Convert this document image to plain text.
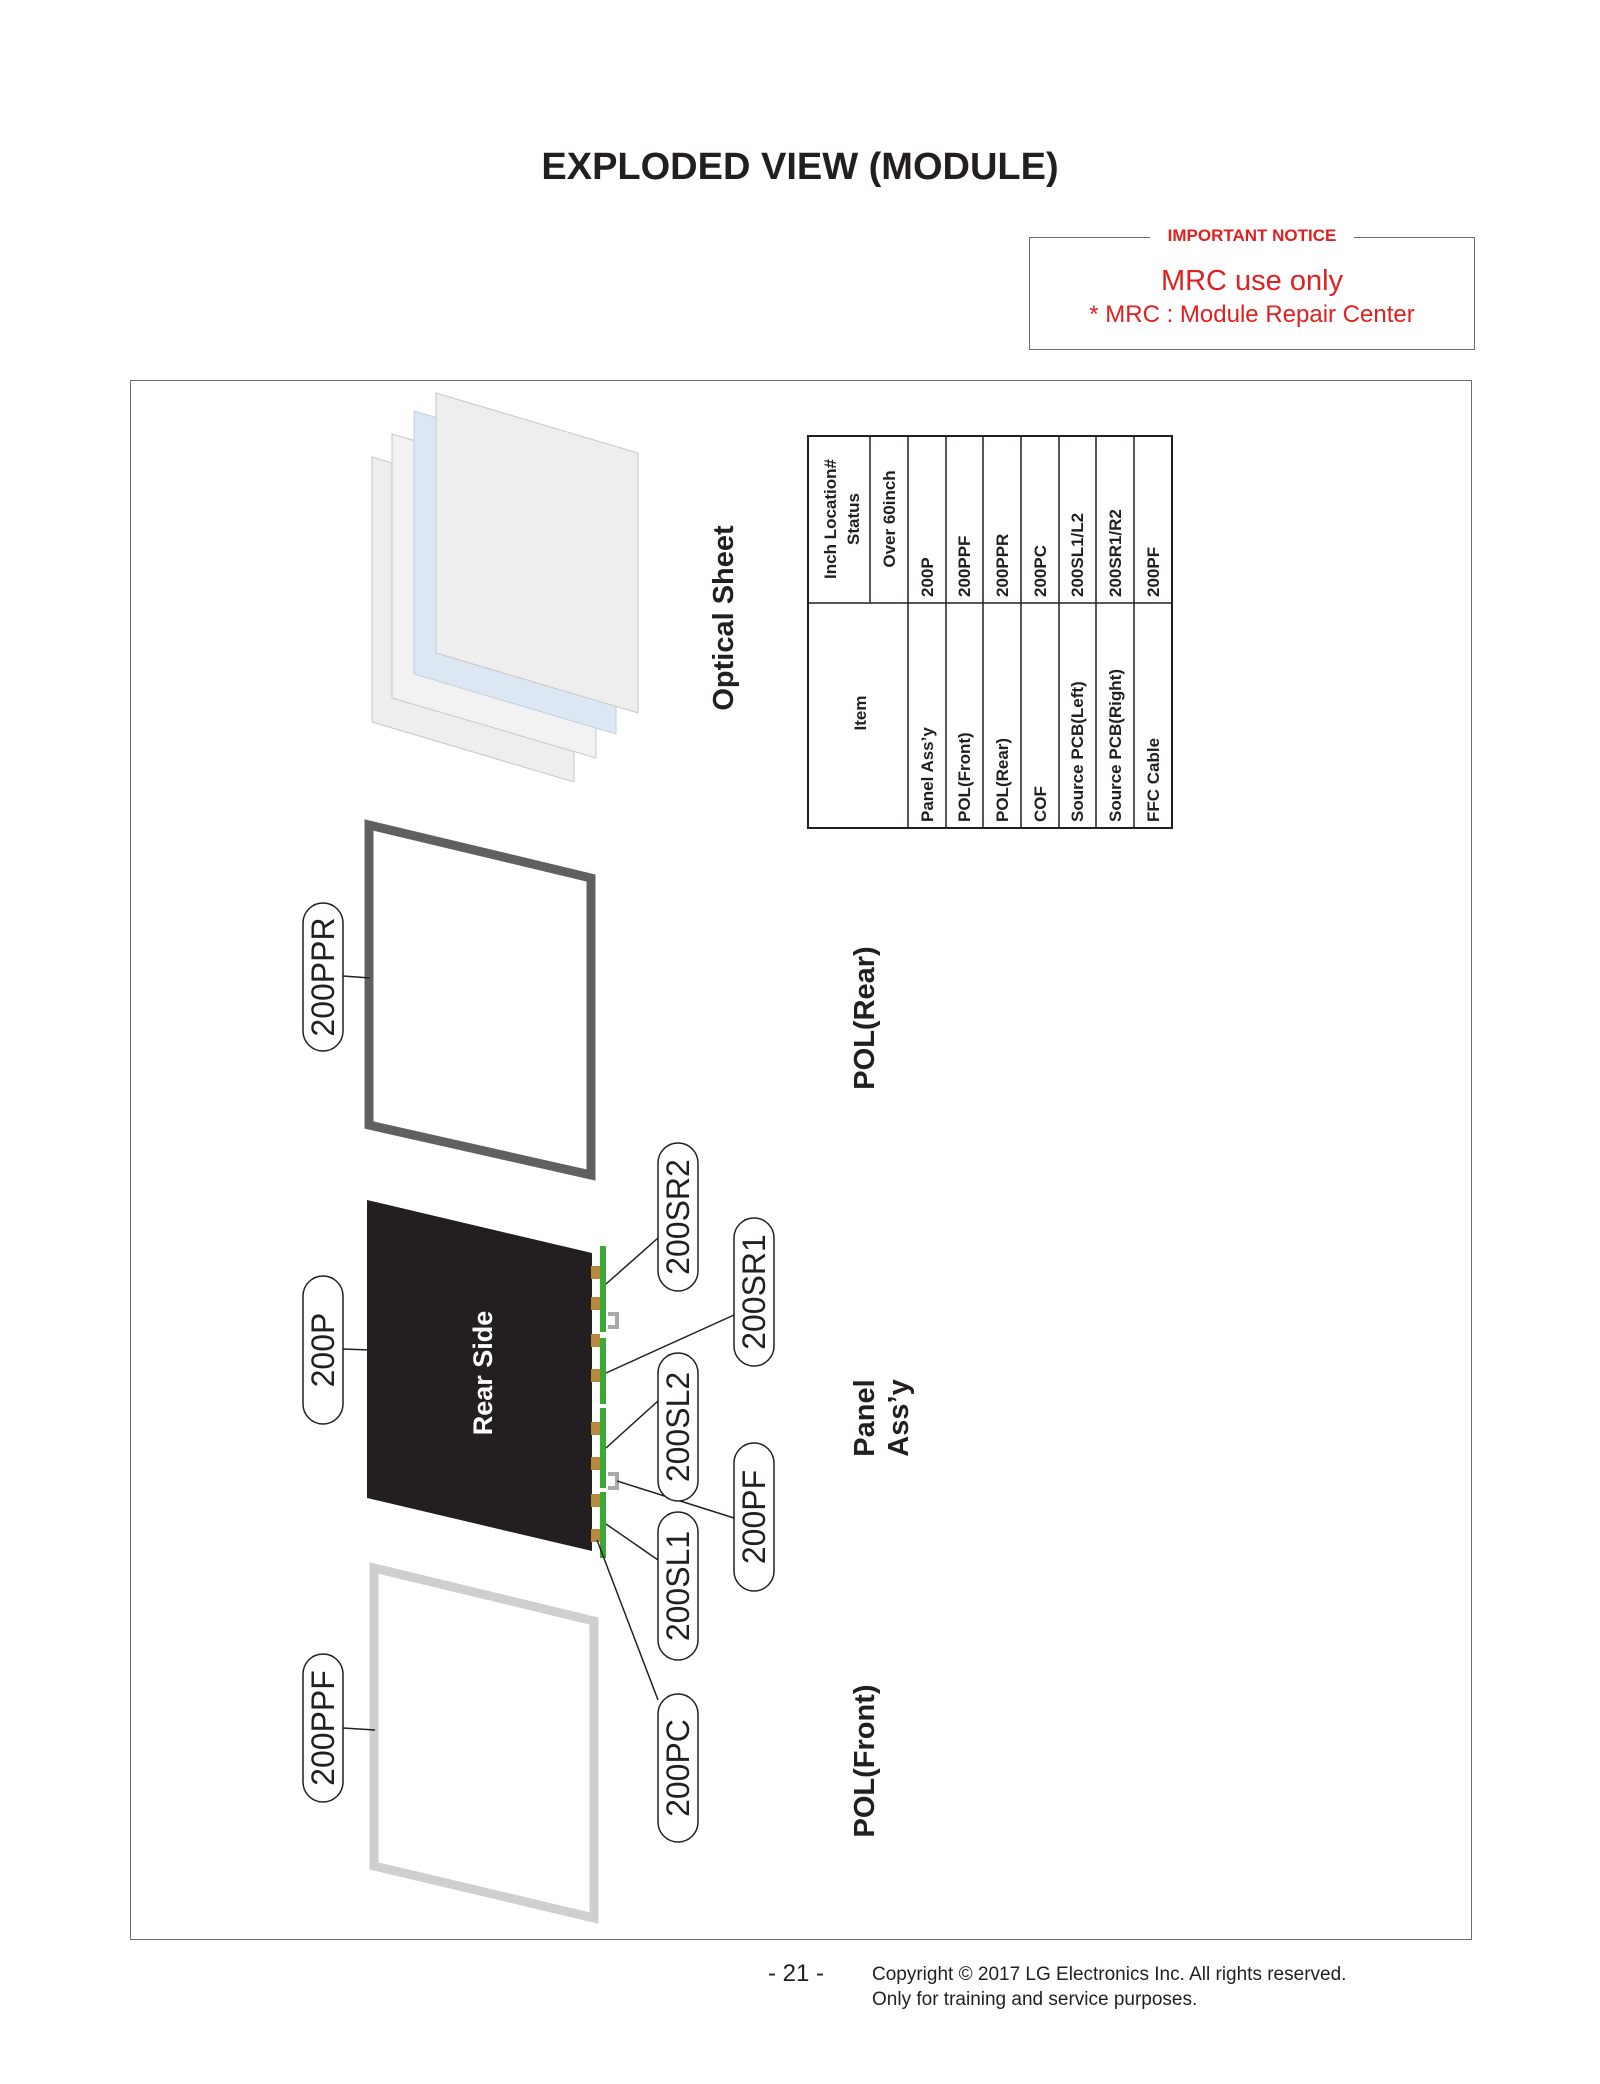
EXPLODED VIEW (MODULE)
IMPORTANT NOTICE
MRC use only
* MRC : Module Repair Center
Optical Sheet
POL(Rear)
Rear Side	Panel Ass’y
POL(Front)
200PPR
200P
200PPF
200SR2
200SR1
200SL2
200PF
200SL1
200PC
Item
Inch Location# Status Over 60inch
Panel Ass’y
200P
POL(Front)
200PPF
POL(Rear)
200PPR
COF
200PC
Source PCB(Left)
200SL1/L2
Source PCB(Right)
200SR1/R2
FFC Cable
200PF
- 21 -	Copyright © 2017 LG Electronics Inc. All rights reserved.
Only for training and service purposes.
